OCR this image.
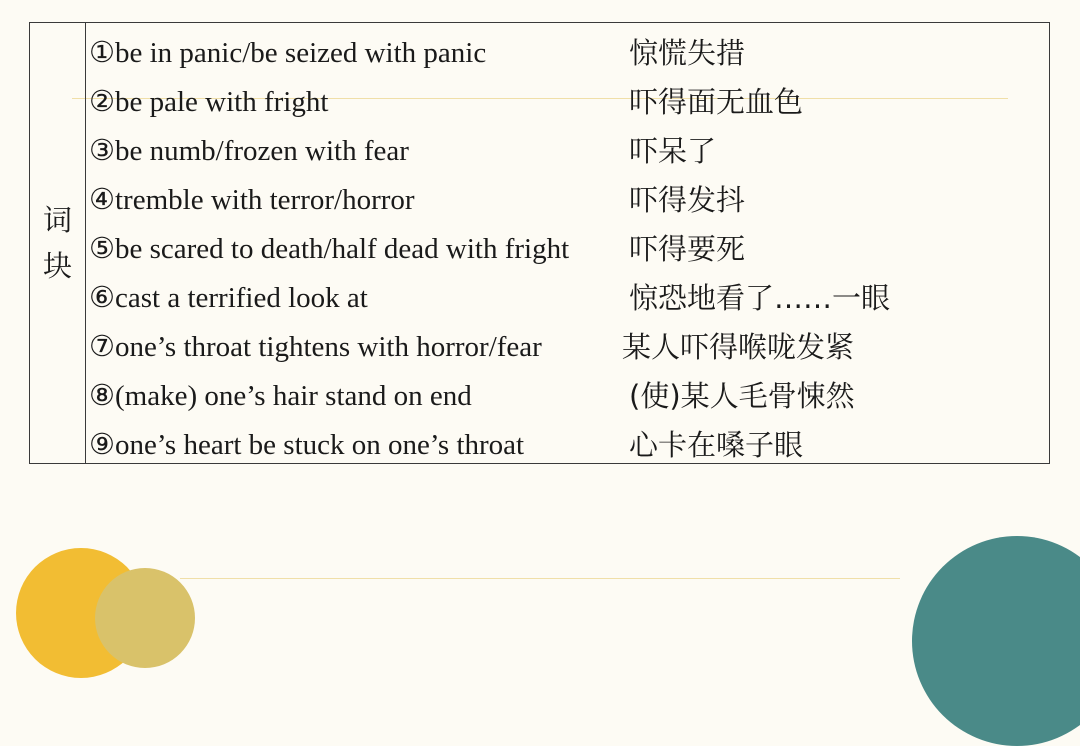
词
块
①be in panic/be seized with panic	惊慌失措
②be pale with fright	吓得面无血色
③be numb/frozen with fear	吓呆了
④tremble with terror/horror	吓得发抖
⑤be scared to death/half dead with fright 吓得要死
⑥cast a terrified look at	惊恐地看了……一眼
⑦one’s throat tightens with horror/fear	某人吓得喉咙发紧
⑧(make) one’s hair stand on end	(使)某人毛骨悚然
⑨one’s heart be stuck on one’s throat	心卡在嗓子眼
